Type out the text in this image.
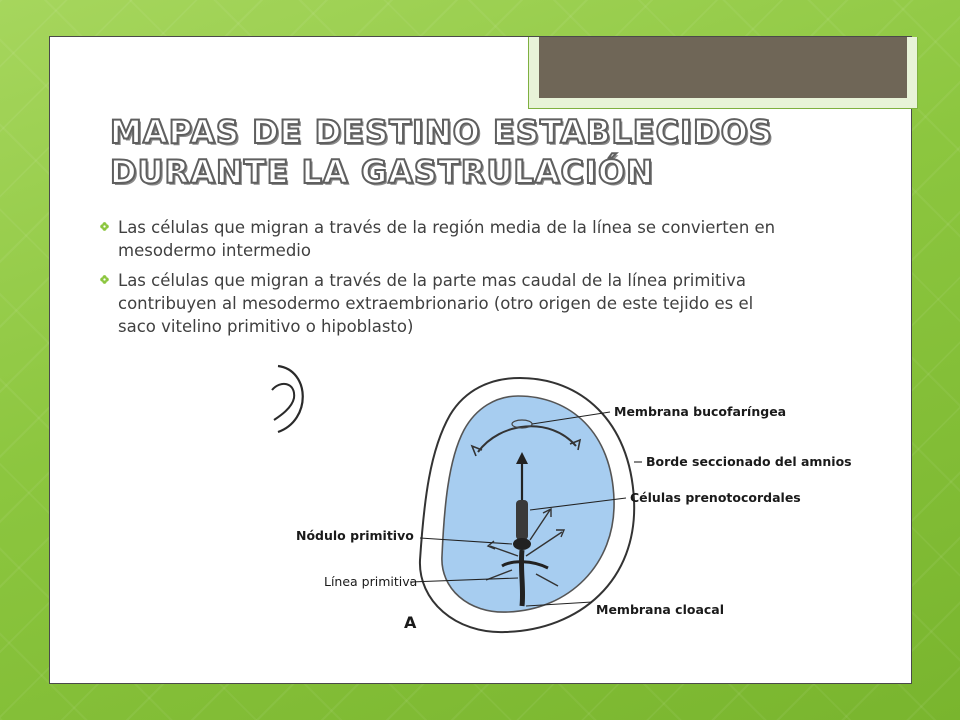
MAPAS DE DESTINO ESTABLECIDOS
DURANTE LA GASTRULACIÓN
Las células que migran a través de la región media de la línea se convierten en mesodermo intermedio
Las células que migran a través de la parte mas caudal de la línea primitiva contribuyen al mesodermo extraembrionario (otro origen de este tejido es el saco vitelino primitivo o hipoblasto)
Membrana bucofaríngea
Borde seccionado del amnios
Células prenotocordales
Nódulo primitivo
Línea primitiva
Membrana cloacal
A
